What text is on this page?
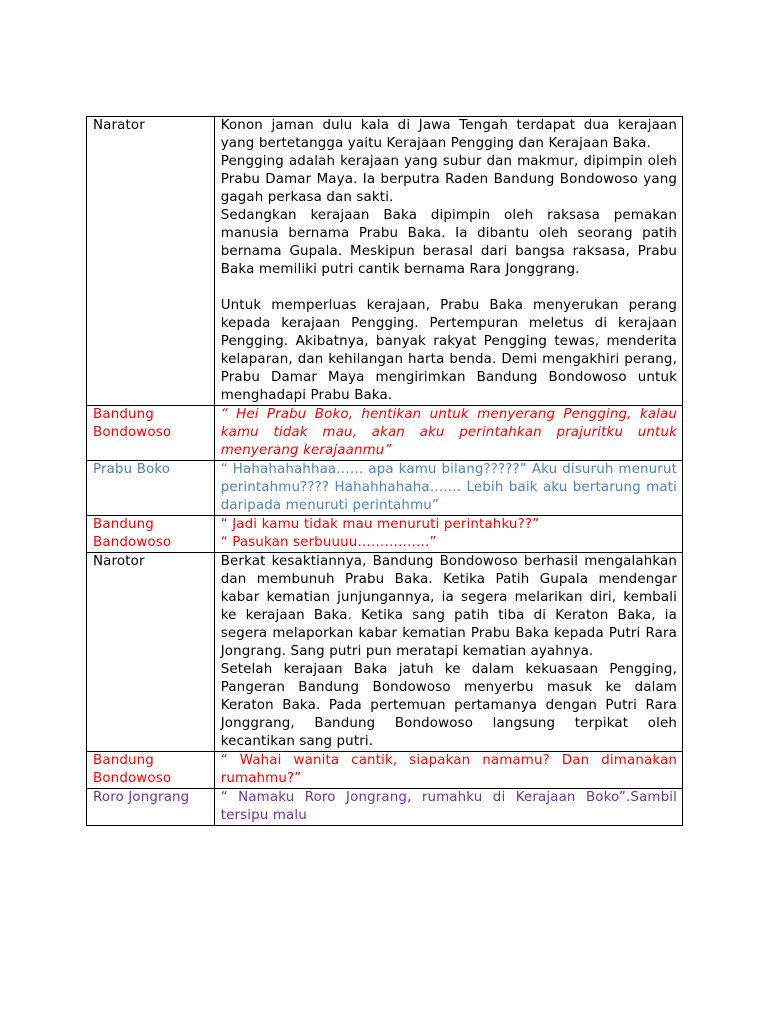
Narator	Konon jaman dulu kala di Jawa Tengah terdapat dua kerajaan yang bertetangga yaitu Kerajaan Pengging dan Kerajaan Baka.
Pengging adalah kerajaan yang subur dan makmur, dipimpin oleh Prabu Damar Maya. Ia berputra Raden Bandung Bondowoso yang gagah perkasa dan sakti.
Sedangkan kerajaan Baka dipimpin oleh raksasa pemakan manusia bernama Prabu Baka. Ia dibantu oleh seorang patih bernama Gupala. Meskipun berasal dari bangsa raksasa, Prabu Baka memiliki putri cantik bernama Rara Jonggrang.
Untuk memperluas kerajaan, Prabu Baka menyerukan perang kepada kerajaan Pengging. Pertempuran meletus di kerajaan Pengging. Akibatnya, banyak rakyat Pengging tewas, menderita kelaparan, dan kehilangan harta benda. Demi mengakhiri perang, Prabu Damar Maya mengirimkan Bandung Bondowoso untuk menghadapi Prabu Baka.

Bandung Bondowoso	“ Hei Prabu Boko, hentikan untuk menyerang Pengging, kalau kamu tidak mau, akan aku perintahkan prajuritku untuk menyerang kerajaanmu”

Prabu Boko	“ Hahahahahhaa…… apa kamu bilang?????” Aku disuruh menurut perintahmu???? Hahahhahaha……. Lebih baik aku bertarung mati daripada menuruti perintahmu”

Bandung Bandowoso	“ Jadi kamu tidak mau menuruti perintahku??”
“ Pasukan serbuuuu…………….”

Narotor	Berkat kesaktiannya, Bandung Bondowoso berhasil mengalahkan dan membunuh Prabu Baka. Ketika Patih Gupala mendengar kabar kematian junjungannya, ia segera melarikan diri, kembali ke kerajaan Baka. Ketika sang patih tiba di Keraton Baka, ia segera melaporkan kabar kematian Prabu Baka kepada Putri Rara Jongrang. Sang putri pun meratapi kematian ayahnya.
Setelah kerajaan Baka jatuh ke dalam kekuasaan Pengging, Pangeran Bandung Bondowoso menyerbu masuk ke dalam Keraton Baka. Pada pertemuan pertamanya dengan Putri Rara Jonggrang, Bandung Bondowoso langsung terpikat oleh kecantikan sang putri.

Bandung Bondowoso	“ Wahai wanita cantik, siapakan namamu? Dan dimanakan rumahmu?”

Roro Jongrang	“ Namaku Roro Jongrang, rumahku di Kerajaan Boko”.Sambil tersipu malu
